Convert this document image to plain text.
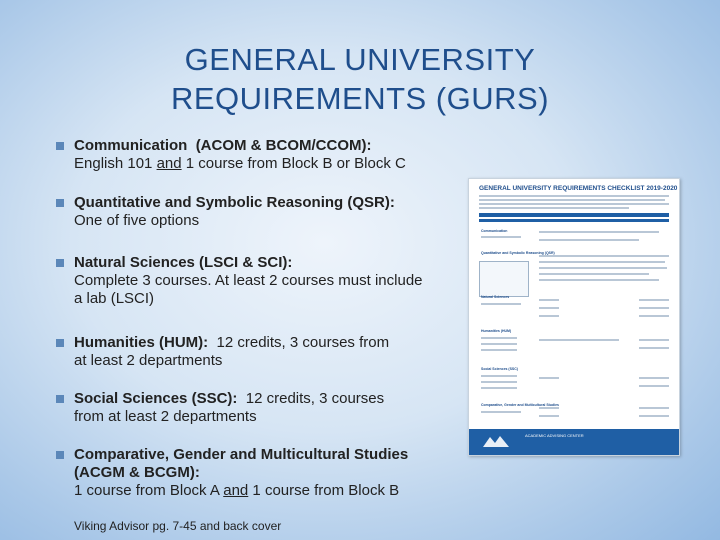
GENERAL UNIVERSITY
REQUIREMENTS (GURS)
Communication (ACOM & BCOM/CCOM):
English 101 and 1 course from Block B or Block C
Quantitative and Symbolic Reasoning (QSR):
One of five options
Natural Sciences (LSCI & SCI):
Complete 3 courses. At least 2 courses must include
a lab (LSCI)
Humanities (HUM): 12 credits, 3 courses from
at least 2 departments
Social Sciences (SSC): 12 credits, 3 courses
from at least 2 departments
Comparative, Gender and Multicultural Studies
(ACGM & BCGM):
1 course from Block A and 1 course from Block B
Viking Advisor pg. 7-45 and back cover
GENERAL UNIVERSITY REQUIREMENTS CHECKLIST 2019-2020
Communication
Quantitative and Symbolic Reasoning (QSR)
Natural Sciences
Humanities (HUM)
Social Sciences (SSC)
Comparative, Gender and Multicultural Studies
ACADEMIC ADVISING CENTER
